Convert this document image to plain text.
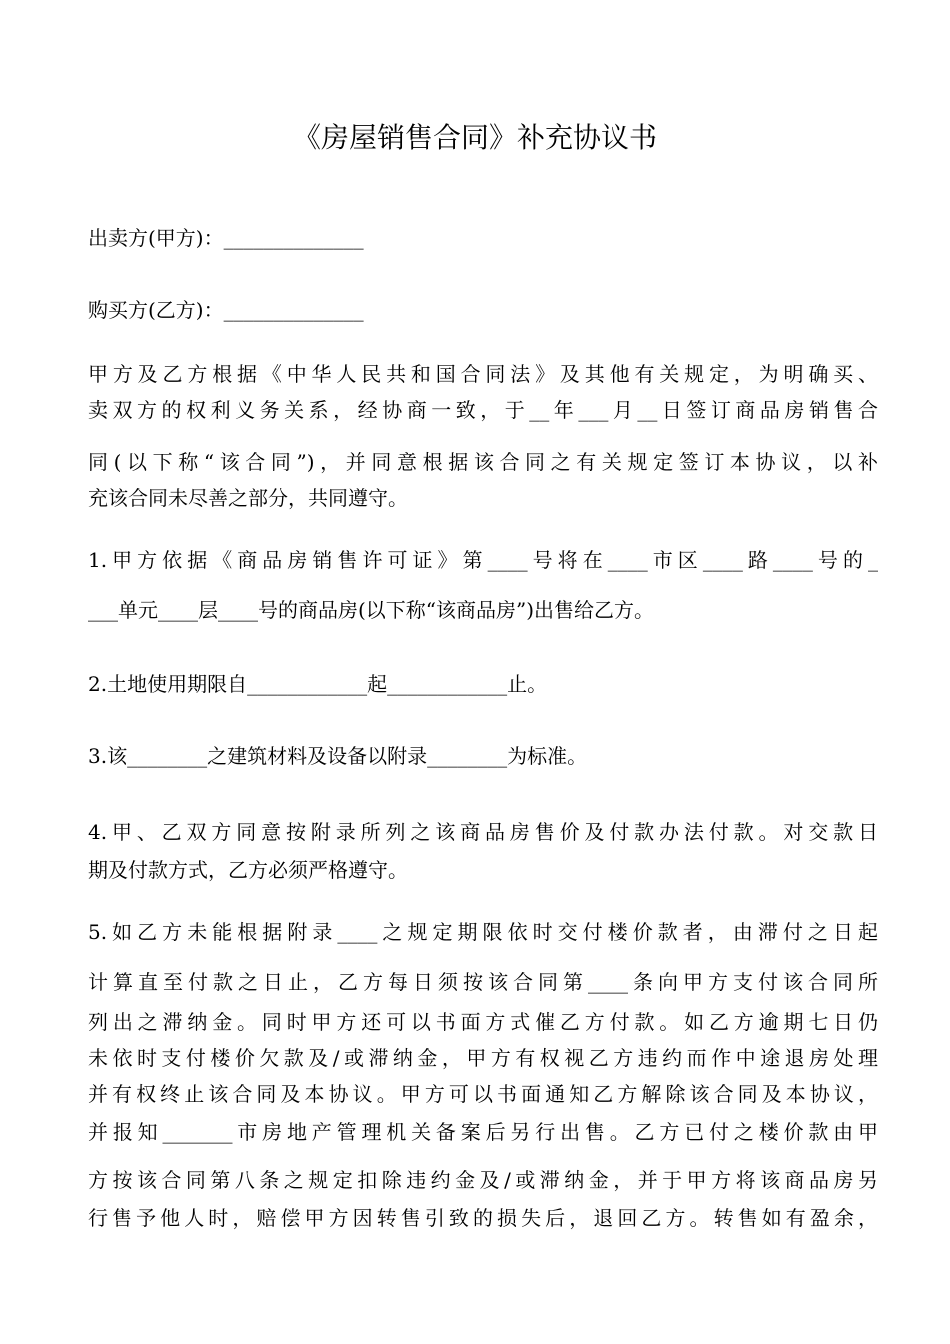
《房屋销售合同》补充协议书
出卖方(甲方)：______________
购买方(乙方)：______________
甲方及乙方根据《中华人民共和国合同法》及其他有关规定，为明确买、
卖双方的权利义务关系，经协商一致，于__年___月__日签订商品房销售合
同(以下称“该合同”)，并同意根据该合同之有关规定签订本协议，以补
充该合同未尽善之部分，共同遵守。
1.甲方依据《商品房销售许可证》第____号将在____市区____路____号的_
___单元____层____号的商品房(以下称“该商品房”)出售给乙方。
2.土地使用期限自____________起____________止。
3.该________之建筑材料及设备以附录________为标准。
4.甲、乙双方同意按附录所列之该商品房售价及付款办法付款。对交款日
期及付款方式，乙方必须严格遵守。
5.如乙方未能根据附录____之规定期限依时交付楼价款者，由滞付之日起
计算直至付款之日止，乙方每日须按该合同第____条向甲方支付该合同所
列出之滞纳金。同时甲方还可以书面方式催乙方付款。如乙方逾期七日仍
未依时支付楼价欠款及/或滞纳金，甲方有权视乙方违约而作中途退房处理
并有权终止该合同及本协议。甲方可以书面通知乙方解除该合同及本协议，
并报知_______市房地产管理机关备案后另行出售。乙方已付之楼价款由甲
方按该合同第八条之规定扣除违约金及/或滞纳金，并于甲方将该商品房另
行售予他人时，赔偿甲方因转售引致的损失后，退回乙方。转售如有盈余，
